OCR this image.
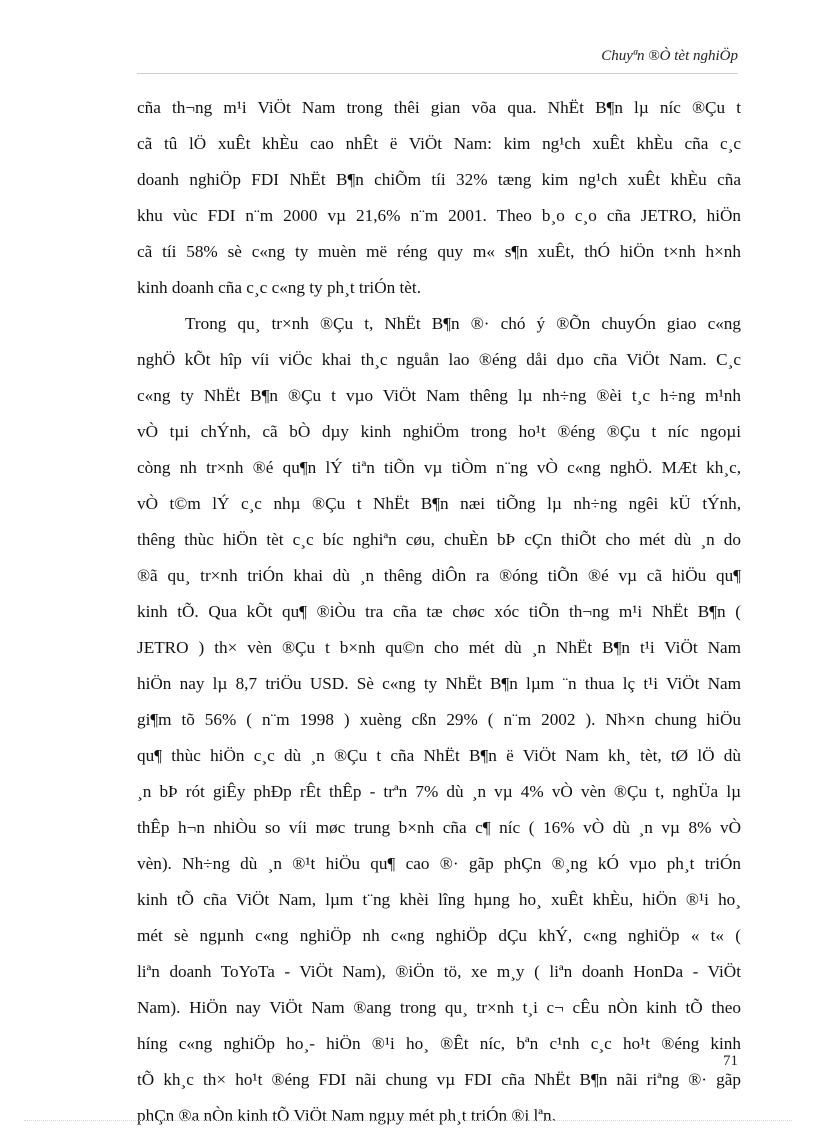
Chuyªn ®Ò tèt nghiÖp
cña th¬ng m¹i ViÖt Nam trong thêi gian võa qua. NhËt B¶n lµ níc ®Çu t
cã tû lÖ xuÊt khÈu cao nhÊt ë ViÖt Nam: kim ng¹ch xuÊt khÈu cña c¸c
doanh nghiÖp FDI NhËt B¶n chiÕm tíi 32% tæng kim ng¹ch xuÊt khÈu cña
khu vùc FDI n¨m 2000 vµ 21,6% n¨m 2001. Theo b¸o c¸o cña JETRO, hiÖn
cã tíi 58% sè c«ng ty muèn më réng quy m« s¶n xuÊt, thÓ hiÖn t×nh h×nh
kinh doanh cña c¸c c«ng ty ph¸t triÓn tèt.
Trong qu¸ tr×nh ®Çu t, NhËt B¶n ®· chó ý ®Õn chuyÓn giao c«ng
nghÖ kÕt hîp víi viÖc khai th¸c nguån lao ®éng dåi dµo cña ViÖt Nam. C¸c
c«ng ty NhËt B¶n ®Çu t vµo ViÖt Nam thêng lµ nh÷ng ®èi t¸c h÷ng m¹nh
vÒ tµi chÝnh, cã bÒ dµy kinh nghiÖm trong ho¹t ®éng ®Çu t níc ngoµi
còng nh tr×nh ®é qu¶n lÝ tiªn tiÕn vµ tiÒm n¨ng vÒ c«ng nghÖ. MÆt kh¸c,
vÒ t©m lÝ c¸c nhµ ®Çu t NhËt B¶n næi tiÕng lµ nh÷ng ngêi kÜ tÝnh,
thêng thùc hiÖn tèt c¸c bíc nghiªn cøu, chuÈn bÞ cÇn thiÕt cho mét dù ¸n do
®ã qu¸ tr×nh triÓn khai dù ¸n thêng diÔn ra ®óng tiÕn ®é vµ cã hiÖu qu¶
kinh tÕ. Qua kÕt qu¶ ®iÒu tra cña tæ chøc xóc tiÕn th¬ng m¹i NhËt B¶n (
JETRO ) th× vèn ®Çu t b×nh qu©n cho mét dù ¸n NhËt B¶n t¹i ViÖt Nam
hiÖn nay lµ 8,7 triÖu USD. Sè c«ng ty NhËt B¶n lµm ¨n thua lç t¹i ViÖt Nam
gi¶m tõ 56% ( n¨m 1998 ) xuèng cßn 29% ( n¨m 2002 ). Nh×n chung hiÖu
qu¶ thùc hiÖn c¸c dù ¸n ®Çu t cña NhËt B¶n ë ViÖt Nam kh¸ tèt, tØ lÖ dù
¸n bÞ rót giÊy phÐp rÊt thÊp - trªn 7% dù ¸n vµ 4% vÒ vèn ®Çu t, nghÜa lµ
thÊp h¬n nhiÒu so víi møc trung b×nh cña c¶ níc ( 16% vÒ dù ¸n vµ 8% vÒ
vèn). Nh÷ng dù ¸n ®¹t hiÖu qu¶ cao ®· gãp phÇn ®¸ng kÓ vµo ph¸t triÓn
kinh tÕ cña ViÖt Nam, lµm t¨ng khèi lîng hµng ho¸ xuÊt khÈu, hiÖn ®¹i ho¸
mét sè ngµnh c«ng nghiÖp nh c«ng nghiÖp dÇu khÝ, c«ng nghiÖp « t« (
liªn doanh ToYoTa - ViÖt Nam), ®iÖn tö, xe m¸y ( liªn doanh HonDa - ViÖt
Nam). HiÖn nay ViÖt Nam ®ang trong qu¸ tr×nh t¸i c¬ cÊu nÒn kinh tÕ theo
híng c«ng nghiÖp ho¸- hiÖn ®¹i ho¸ ®Êt níc, bªn c¹nh c¸c ho¹t ®éng kinh
tÕ kh¸c th× ho¹t ®éng FDI nãi chung vµ FDI cña NhËt B¶n nãi riªng ®· gãp
phÇn ®a nÒn kinh tÕ ViÖt Nam ngµy mét ph¸t triÓn ®i lªn.
71
